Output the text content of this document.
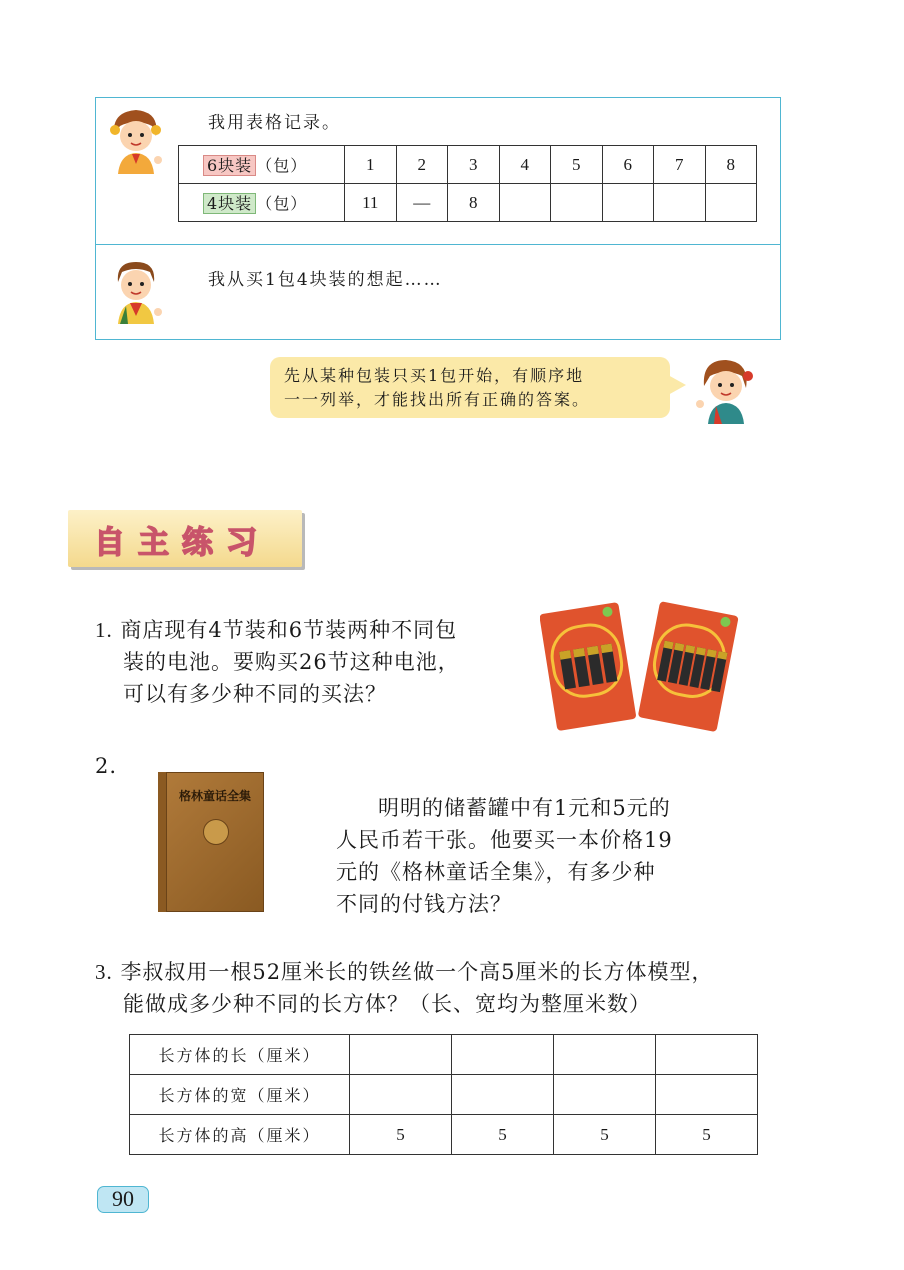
我用表格记录。
6块装 （包）	1	2	3	4	5	6	7	8
4块装 （包）	11	—	8					
我从买1包4块装的想起……
先从某种包装只买1包开始，有顺序地
一一列举，才能找出所有正确的答案。
自主练习
1. 商店现有4节装和6节装两种不同包
装的电池。要购买26节这种电池，
可以有多少种不同的买法？
2.
格林童话全集	明明的储蓄罐中有1元和5元的
人民币若干张。他要买一本价格19
元的《格林童话全集》，有多少种
不同的付钱方法？
3. 李叔叔用一根52厘米长的铁丝做一个高5厘米的长方体模型，
能做成多少种不同的长方体？（长、宽均为整厘米数）
长方体的长（厘米）				
长方体的宽（厘米）				
长方体的高（厘米）	5	5	5	5
90
